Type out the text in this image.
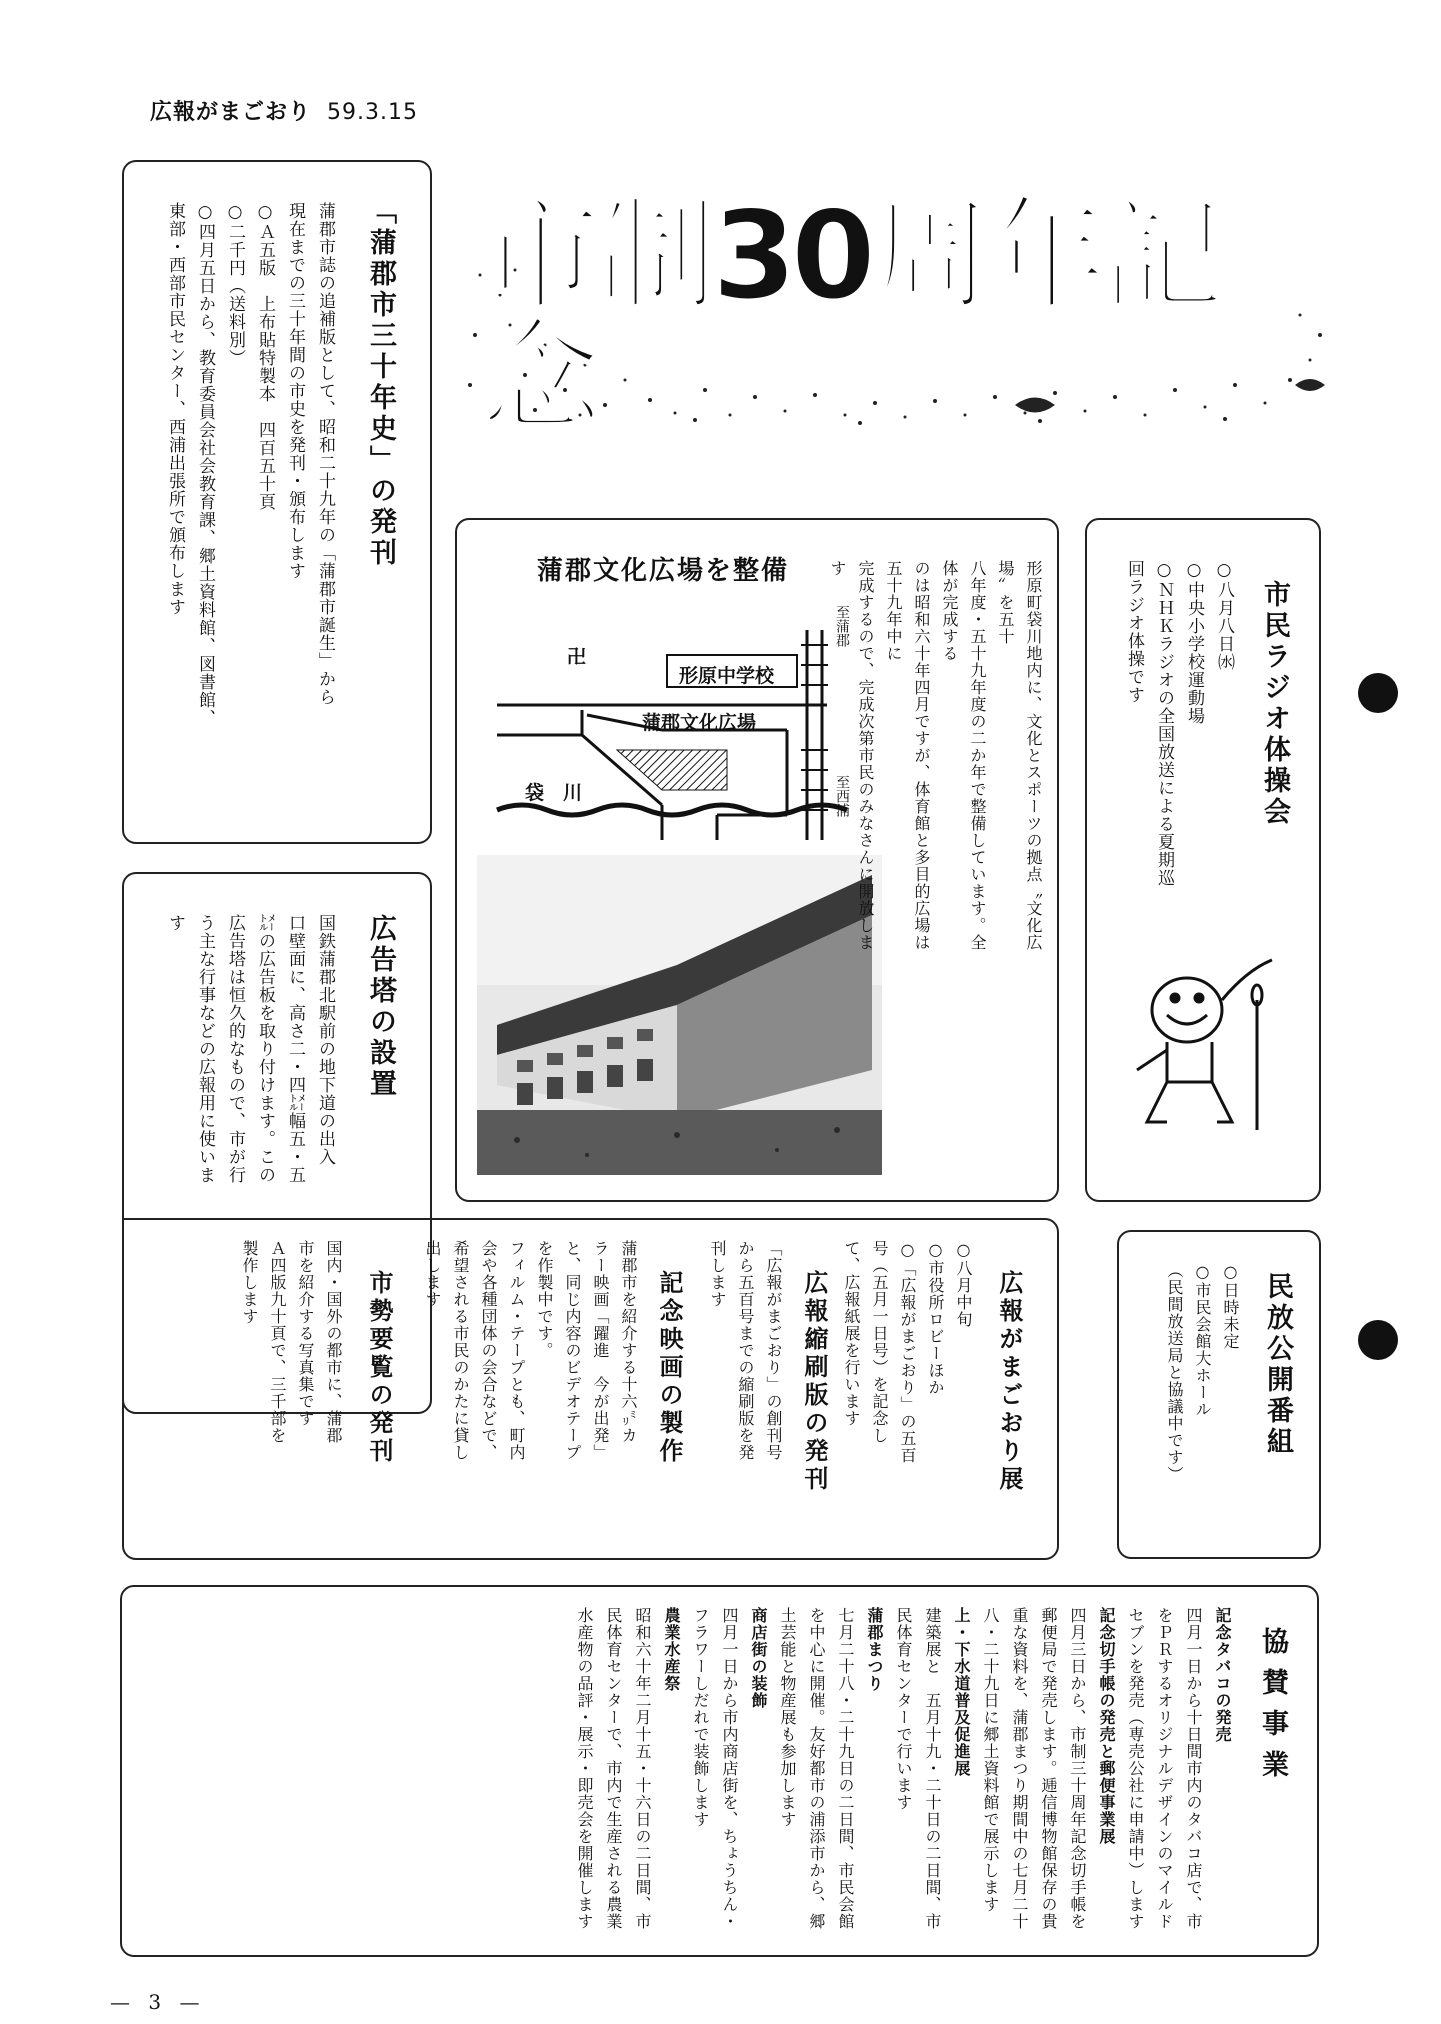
広報がまごおり 59.3.15
市制30周年記念
「蒲郡市三十年史」の発刊
蒲郡市誌の追補版として、昭和二十九年の「蒲郡市誕生」から
現在までの三十年間の市史を発刊・頒布します
○Ａ五版　上布貼特製本　四百五十頁
○二千円（送料別）
○四月五日から、教育委員会社会教育課、郷土資料館、図書館、
東部・西部市民センター、西浦出張所で頒布します	蒲郡文化広場を整備
形原中学校
蒲郡文化広場
袋　川
卍
至蒲郡
至西浦	形原町袋川地内に、文化とスポーツの拠点〝文化広場〟を五十
八年度・五十九年度の二か年で整備しています。全体が完成する
のは昭和六十年四月ですが、体育館と多目的広場は五十九年中に
完成するので、完成次第市民のみなさんに開放します
市民ラジオ体操会
○八月八日㈬
○中央小学校運動場
○ＮＨＫラジオの全国放送による夏期巡
回ラジオ体操です
広告塔の設置
国鉄蒲郡北駅前の地下道の出入
口壁面に、高さ二・四㍍幅五・五
㍍の広告板を取り付けます。この
広告塔は恒久的なもので、市が行
う主な行事などの広報用に使いま
す
広報がまごおり展
○八月中旬
○市役所ロビーほか
○「広報がまごおり」の五百
号（五月一日号）を記念し
て、広報紙展を行います
広報縮刷版の発刊
「広報がまごおり」の創刊号
から五百号までの縮刷版を発
刊します
記念映画の製作
蒲郡市を紹介する十六㍉カ
ラー映画「躍進　今が出発」
と、同じ内容のビデオテープ
を作製中です。
フィルム・テープとも、町内
会や各種団体の会合などで、
希望される市民のかたに貸し
出します
市勢要覧の発刊
国内・国外の都市に、蒲郡
市を紹介する写真集です
Ａ四版九十頁で、三千部を
製作します	民放公開番組
○日時未定
○市民会館大ホール
（民間放送局と協議中です）
協賛事業
記念タバコの発売
四月一日から十日間市内のタバコ店で、市をＰＲするオリジナルデザインのマイルドセブンを発売（専売公社に申請中）します
記念切手帳の発売と郵便事業展
四月三日から、市制三十周年記念切手帳を郵便局で発売します。逓信博物館保存の貴重な資料を、蒲郡まつり期間中の七月二十八・二十九日に郷土資料館で展示します
上・下水道普及促進展
建築展と　五月十九・二十日の二日間、市民体育センターで行います
蒲郡まつり
七月二十八・二十九日の二日間、市民会館を中心に開催。友好都市の浦添市から、郷土芸能と物産展も参加します
商店街の装飾
四月一日から市内商店街を、ちょうちん・フラワーしだれで装飾します
農業水産祭
昭和六十年二月十五・十六日の二日間、市民体育センターで、市内で生産される農業水産物の品評・展示・即売会を開催します
— 3 —
